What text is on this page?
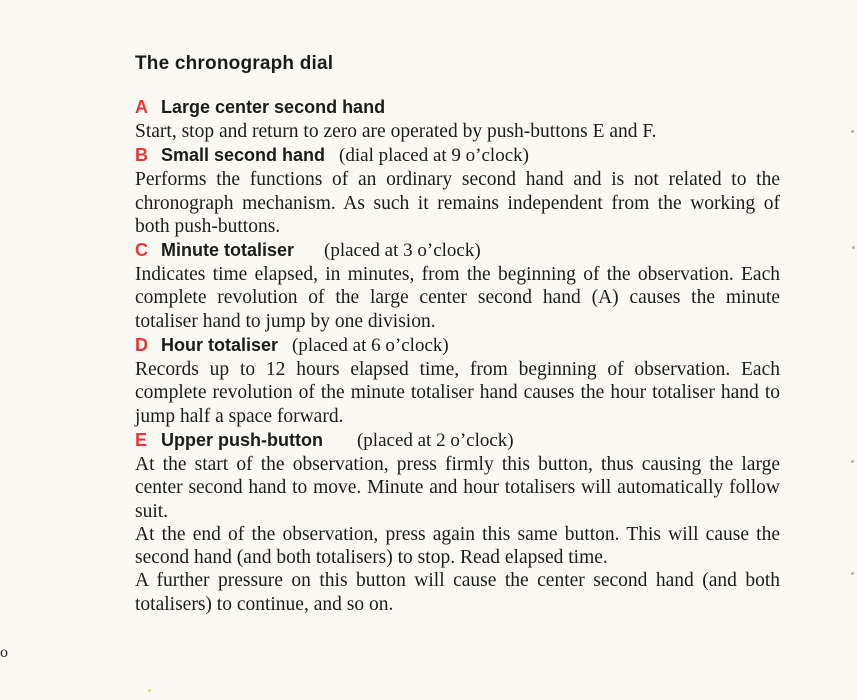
The chronograph dial
A Large center second hand

Start, stop and return to zero are operated by push-buttons E and F.

B Small second hand (dial placed at 9 o’clock)

Performs the functions of an ordinary second hand and is not related to the chronograph mechanism. As such it remains independent from the working of both push-buttons.

C Minute totaliser (placed at 3 o’clock)

Indicates time elapsed, in minutes, from the beginning of the observation. Each complete revolution of the large center second hand (A) causes the minute totaliser hand to jump by one division.

D Hour totaliser (placed at 6 o’clock)

Records up to 12 hours elapsed time, from beginning of observation. Each complete revolution of the minute totaliser hand causes the hour totaliser hand to jump half a space forward.

E Upper push-button (placed at 2 o’clock)

At the start of the observation, press firmly this button, thus causing the large center second hand to move. Minute and hour totalisers will automatically follow suit.

At the end of the observation, press again this same button. This will cause the second hand (and both totalisers) to stop. Read elapsed time.

A further pressure on this button will cause the center second hand (and both totalisers) to continue, and so on.

o
